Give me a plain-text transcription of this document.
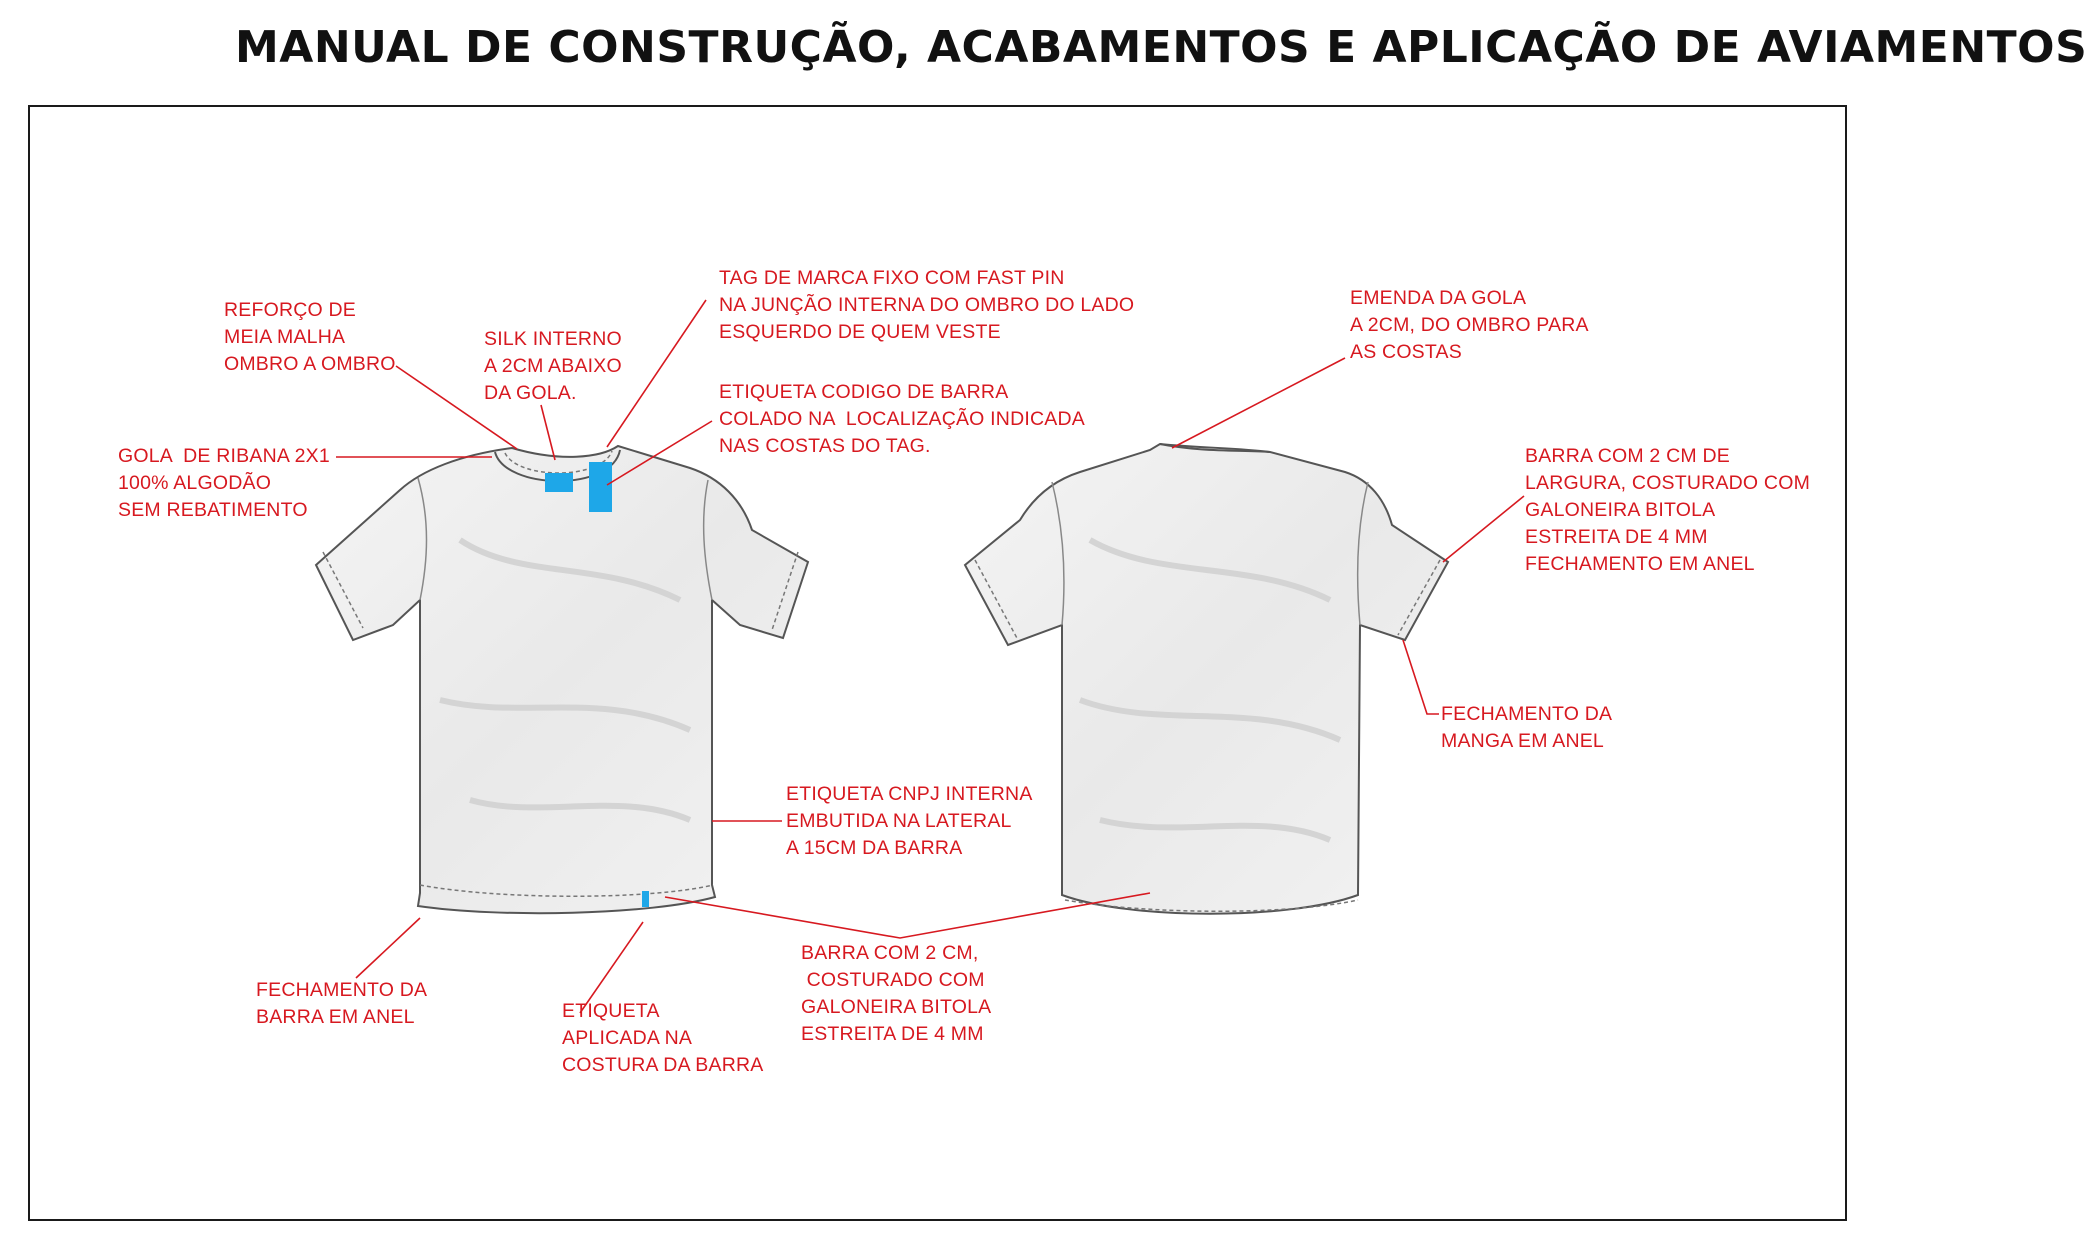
MANUAL DE CONSTRUÇÃO, ACABAMENTOS E APLICAÇÃO DE AVIAMENTOS
REFORÇO DE
MEIA MALHA
OMBRO A OMBRO
SILK INTERNO
A 2CM ABAIXO
DA GOLA.
TAG DE MARCA FIXO COM FAST PIN
NA JUNÇÃO INTERNA DO OMBRO DO LADO
ESQUERDO DE QUEM VESTE
ETIQUETA CODIGO DE BARRA
COLADO NA  LOCALIZAÇÃO INDICADA
NAS COSTAS DO TAG.
GOLA  DE RIBANA 2X1
100% ALGODÃO
SEM REBATIMENTO
ETIQUETA CNPJ INTERNA
EMBUTIDA NA LATERAL
A 15CM DA BARRA
FECHAMENTO DA
BARRA EM ANEL	ETIQUETA
APLICADA NA
COSTURA DA BARRA
BARRA COM 2 CM,
COSTURADO COM
GALONEIRA BITOLA
ESTREITA DE 4 MM
EMENDA DA GOLA
A 2CM, DO OMBRO PARA
AS COSTAS
BARRA COM 2 CM DE
LARGURA, COSTURADO COM
GALONEIRA BITOLA
ESTREITA DE 4 MM
FECHAMENTO EM ANEL
FECHAMENTO DA
MANGA EM ANEL
